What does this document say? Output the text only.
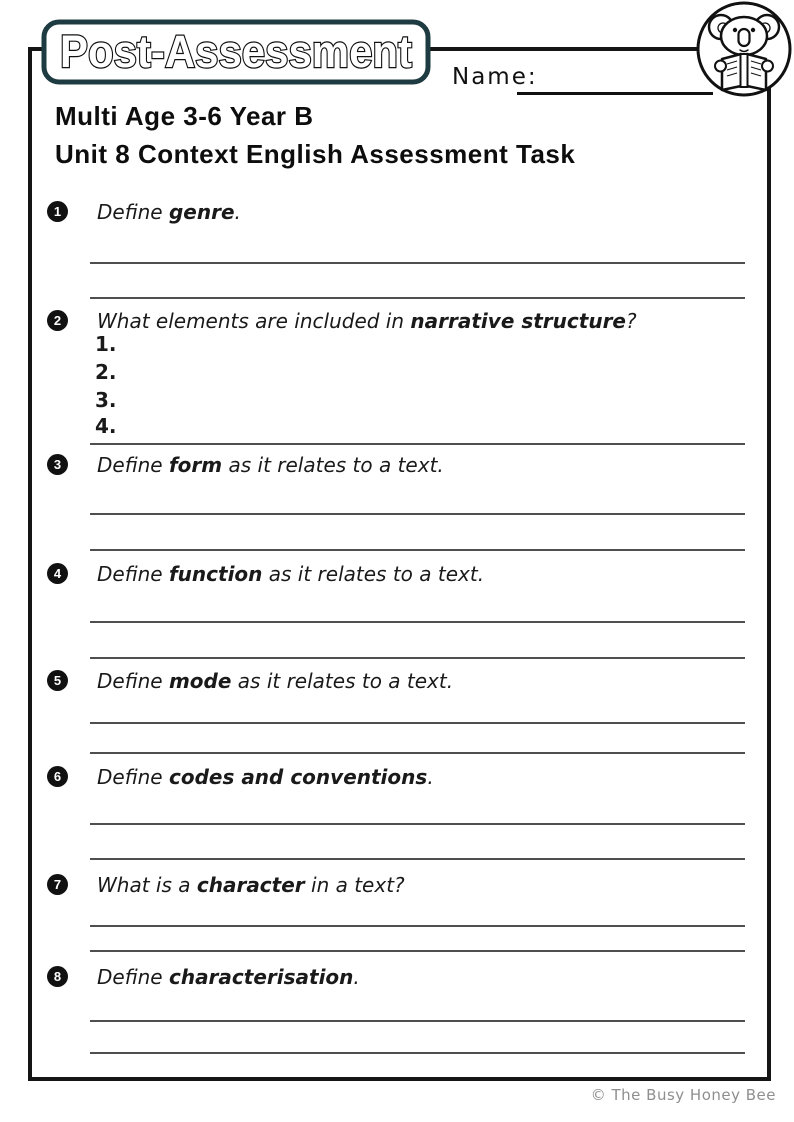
Post-Assessment Name:
Multi Age 3-6 Year B
Unit 8 Context English Assessment Task
1	Define genre.
2	What elements are included in narrative structure?
1.
2.
3.
4.
3	Define form as it relates to a text.
4	Define function as it relates to a text.
5	Define mode as it relates to a text.
6	Define codes and conventions.
7	What is a character in a text?
8	Define characterisation.
© The Busy Honey Bee
